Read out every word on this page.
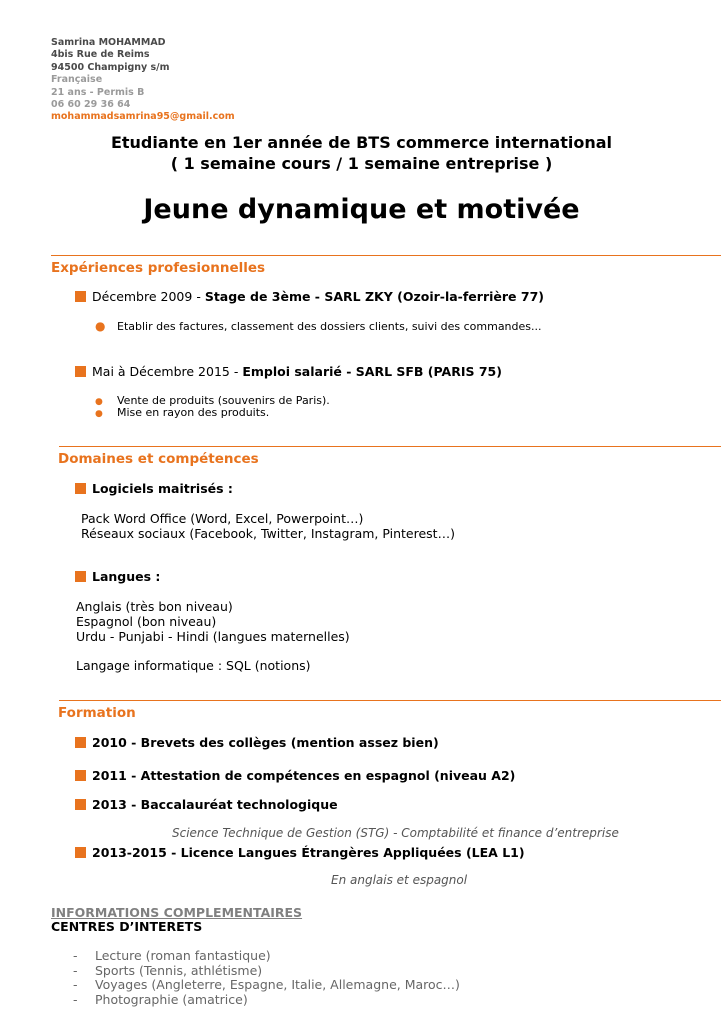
Samrina MOHAMMAD
4bis Rue de Reims
94500 Champigny s/m
Française
21 ans - Permis B
06 60 29 36 64
mohammadsamrina95@gmail.com
Etudiante en 1er année de BTS commerce international
( 1 semaine cours / 1 semaine entreprise )
Jeune dynamique et motivée
Expériences profesionnelles
Décembre 2009 - Stage de 3ème - SARL ZKY (Ozoir-la-ferrière 77)
● Etablir des factures, classement des dossiers clients, suivi des commandes...
Mai à Décembre 2015 - Emploi salarié - SARL SFB (PARIS 75)
● Vente de produits (souvenirs de Paris).
● Mise en rayon des produits.
Domaines et compétences
Logiciels maitrisés :
Pack Word Office (Word, Excel, Powerpoint…)
Réseaux sociaux (Facebook, Twitter, Instagram, Pinterest…)
Langues :
Anglais (très bon niveau)
Espagnol (bon niveau)
Urdu - Punjabi - Hindi (langues maternelles)
Langage informatique : SQL (notions)
Formation
2010 - Brevets des collèges (mention assez bien)
2011 - Attestation de compétences en espagnol (niveau A2)
2013 - Baccalauréat technologique
Science Technique de Gestion (STG) - Comptabilité et finance d’entreprise
2013-2015 - Licence Langues Étrangères Appliquées (LEA L1)
En anglais et espagnol
INFORMATIONS COMPLEMENTAIRES
CENTRES D’INTERETS
- Lecture (roman fantastique)
- Sports (Tennis, athlétisme)
- Voyages (Angleterre, Espagne, Italie, Allemagne, Maroc…)
- Photographie (amatrice)
